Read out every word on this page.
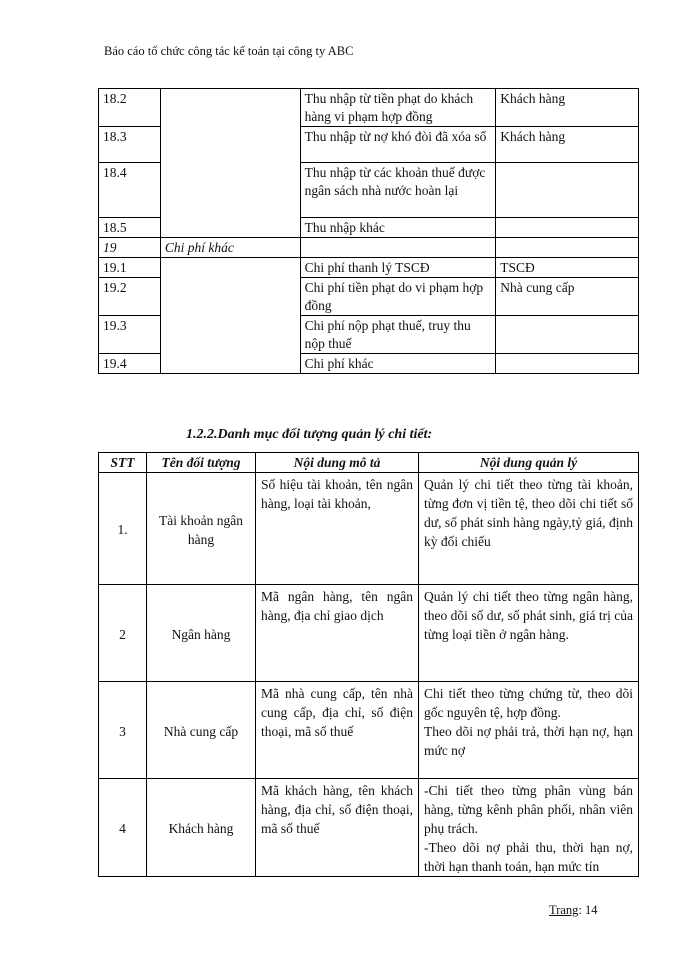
Báo cáo tổ chức công tác kế toán tại công ty ABC
18.2		Thu nhập từ tiền phạt do khách hàng vi phạm hợp đồng	Khách hàng
18.3		Thu nhập từ nợ khó đòi đã xóa sổ	Khách hàng
18.4		Thu nhập từ các khoản thuế được ngân sách nhà nước hoàn lại	
18.5		Thu nhập khác	
19	Chi phí khác		
19.1		Chi phí thanh lý TSCĐ	TSCĐ
19.2		Chi phí tiền phạt do vi phạm hợp đồng	Nhà cung cấp
19.3		Chi phí nộp phạt thuế, truy thu nộp thuế	
19.4		Chi phí khác	
1.2.2.Danh mục đối tượng quản lý chi tiết:
STT	Tên đối tượng	Nội dung mô tả	Nội dung quản lý
1.	Tài khoản ngân hàng	Số hiệu tài khoản, tên ngân hàng, loại tài khoản,	Quản lý chi tiết theo từng tài khoản, từng đơn vị tiền tệ, theo dõi chi tiết số dư, số phát sinh hàng ngày,tỷ giá, định kỳ đối chiếu
2	Ngân hàng	Mã ngân hàng, tên ngân hàng, địa chỉ giao dịch	Quản lý chi tiết theo từng ngân hàng, theo dõi số dư, số phát sinh, giá trị của từng loại tiền ở ngân hàng.
3	Nhà cung cấp	Mã nhà cung cấp, tên nhà cung cấp, địa chỉ, số điện thoại, mã số thuế	Chi tiết theo từng chứng từ, theo dõi gốc nguyên tệ, hợp đồng.
Theo dõi nợ phải trả, thời hạn nợ, hạn mức nợ

4	Khách hàng	Mã khách hàng, tên khách hàng, địa chỉ, số điện thoại, mã số thuế	-Chi tiết theo từng phân vùng bán hàng, từng kênh phân phối, nhân viên phụ trách.
-Theo dõi nợ phải thu, thời hạn nợ, thời hạn thanh toán, hạn mức tín
Trang: 14
